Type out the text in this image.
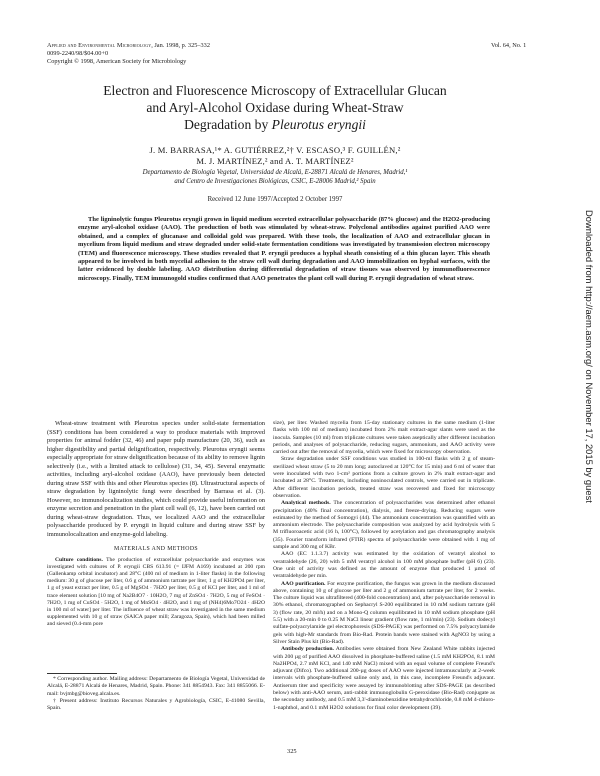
Applied and Environmental Microbiology, Jan. 1998, p. 325–332
0099-2240/98/$04.00+0
Copyright © 1998, American Society for Microbiology
Vol. 64, No. 1
Electron and Fluorescence Microscopy of Extracellular Glucan
and Aryl-Alcohol Oxidase during Wheat-Straw
Degradation by Pleurotus eryngii
J. M. BARRASA,¹* A. GUTIÉRREZ,²† V. ESCASO,³ F. GUILLÉN,²
M. J. MARTÍNEZ,² and A. T. MARTÍNEZ²
Departamento de Biología Vegetal, Universidad de Alcalá, E-28871 Alcalá de Henares, Madrid,¹
and Centro de Investigaciones Biológicas, CSIC, E-28006 Madrid,² Spain
Received 12 June 1997/Accepted 2 October 1997
The ligninolytic fungus Pleurotus eryngii grown in liquid medium secreted extracellular polysaccharide (87% glucose) and the H2O2-producing enzyme aryl-alcohol oxidase (AAO). The production of both was stimulated by wheat-straw. Polyclonal antibodies against purified AAO were obtained, and a complex of glucanase and colloidal gold was prepared. With these tools, the localization of AAO and extracellular glucan in mycelium from liquid medium and straw degraded under solid-state fermentation conditions was investigated by transmission electron microscopy (TEM) and fluorescence microscopy. These studies revealed that P. eryngii produces a hyphal sheath consisting of a thin glucan layer. This sheath appeared to be involved in both mycelial adhesion to the straw cell wall during degradation and AAO immobilization on hyphal surfaces, with the latter evidenced by double labeling. AAO distribution during differential degradation of straw tissues was observed by immunofluorescence microscopy. Finally, TEM immunogold studies confirmed that AAO penetrates the plant cell wall during P. eryngii degradation of wheat straw.

Wheat-straw treatment with Pleurotus species under solid-state fermentation (SSF) conditions has been considered a way to produce materials with improved properties for animal fodder (32, 46) and paper pulp manufacture (20, 36), such as higher digestibility and partial delignification, respectively. Pleurotus eryngii seems especially appropriate for straw delignification because of its ability to remove lignin selectively (i.e., with a limited attack to cellulose) (31, 34, 45). Several enzymatic activities, including aryl-alcohol oxidase (AAO), have previously been detected during straw SSF with this and other Pleurotus species (8). Ultrastructural aspects of straw degradation by ligninolytic fungi were described by Barrasa et al. (3). However, no immunolocalization studies, which could provide useful information on enzyme secretion and penetration in the plant cell wall (6, 12), have been carried out during wheat-straw degradation. Thus, we localized AAO and the extracellular polysaccharide produced by P. eryngii in liquid culture and during straw SSF by immunolocalization and enzyme-gold labeling.

MATERIALS AND METHODS

Culture conditions. The production of extracellular polysaccharide and enzymes was investigated with cultures of P. eryngii CBS 613.91 (= IJFM A169) incubated at 200 rpm (Gallenkamp orbital incubator) and 28°C (400 ml of medium in 1-liter flasks) in the following medium: 30 g of glucose per liter, 0.6 g of ammonium tartrate per liter, 1 g of KH2PO4 per liter, 1 g of yeast extract per liter, 0.5 g of MgSO4 · 7H2O per liter, 0.5 g of KCl per liter, and 1 ml of trace element solution [10 mg of Na2B4O7 · 10H2O, 7 mg of ZnSO4 · 7H2O, 5 mg of FeSO4 · 7H2O, 1 mg of CuSO4 · 5H2O, 1 mg of MnSO4 · 4H2O, and 1 mg of (NH4)6Mo7O24 · 4H2O in 100 ml of water] per liter. The influence of wheat straw was investigated in the same medium supplemented with 10 g of straw (SAICA paper mill; Zaragoza, Spain), which had been milled and sieved (0.4-mm pore

* Corresponding author. Mailing address: Departamento de Biología Vegetal, Universidad de Alcalá, E-28871 Alcalá de Henares, Madrid, Spain. Phone: 341 8854943. Fax: 341 8855066. E-mail: bvjmbg@bioveg.alcala.es.

† Present address: Instituto Recursos Naturales y Agrobiología, CSIC, E-41080 Sevilla, Spain.

size), per liter. Washed mycelia from 15-day stationary cultures in the same medium (1-liter flasks with 100 ml of medium) incubated from 2% malt extract-agar slants were used as the inocula. Samples (10 ml) from triplicate cultures were taken aseptically after different incubation periods, and analyses of polysaccharide, reducing sugars, ammonium, and AAO activity were carried out after the removal of mycelia, which were fixed for microscopy observation.

Straw degradation under SSF conditions was studied in 100-ml flasks with 2 g of steam-sterilized wheat straw (5 to 20 mm long; autoclaved at 120°C for 15 min) and 6 ml of water that were inoculated with two 1-cm² portions from a culture grown in 2% malt extract-agar and incubated at 28°C. Treatments, including noninoculated controls, were carried out in triplicate. After different incubation periods, treated straw was recovered and fixed for microscopy observation.

Analytical methods. The concentration of polysaccharides was determined after ethanol precipitation (40% final concentration), dialysis, and freeze-drying. Reducing sugars were estimated by the method of Somogyi (44). The ammonium concentration was quantified with an ammonium electrode. The polysaccharide composition was analyzed by acid hydrolysis with 5 M trifluoroacetic acid (16 h, 100°C), followed by acetylation and gas chromatography analysis (35). Fourier transform infrared (FTIR) spectra of polysaccharide were obtained with 1 mg of sample and 300 mg of KBr.

AAO (EC 1.1.3.7) activity was estimated by the oxidation of veratryl alcohol to veratraldehyde (26, 20) with 5 mM veratryl alcohol in 100 mM phosphate buffer (pH 6) (23). One unit of activity was defined as the amount of enzyme that produced 1 µmol of veratraldehyde per min.

AAO purification. For enzyme purification, the fungus was grown in the medium discussed above, containing 10 g of glucose per liter and 2 g of ammonium tartrate per liter, for 2 weeks. The culture liquid was ultrafiltered (400-fold concentration) and, after polysaccharide removal in 30% ethanol, chromatographed on Sephacryl S-200 equilibrated in 10 mM sodium tartrate (pH 3) (flow rate, 20 ml/h) and on a Mono-Q column equilibrated in 10 mM sodium phosphate (pH 5.5) with a 20-min 0 to 0.25 M NaCl linear gradient (flow rate, 1 ml/min) (23). Sodium dodecyl sulfate-polyacrylamide gel electrophoresis (SDS-PAGE) was performed on 7.5% polyacrylamide gels with high-Mr standards from Bio-Rad. Protein bands were stained with AgNO3 by using a Silver Stain Plus kit (Bio-Rad).

Antibody production. Antibodies were obtained from New Zealand White rabbits injected with 200 µg of purified AAO dissolved in phosphate-buffered saline (1.5 mM KH2PO4, 8.1 mM Na2HPO4, 2.7 mM KCl, and 140 mM NaCl) mixed with an equal volume of complete Freund's adjuvant (Difco). Two additional 200-µg doses of AAO were injected intramuscularly at 2-week intervals with phosphate-buffered saline only and, in this case, incomplete Freund's adjuvant. Antiserum titer and specificity were assayed by immunoblotting after SDS-PAGE (as described below) with anti-AAO serum, anti-rabbit immunoglobulin G-peroxidase (Bio-Rad) conjugate as the secondary antibody, and 0.5 mM 3,3'-diaminobenzidine tetrahydrochloride, 0.8 mM 4-chloro-1-naphthol, and 0.1 mM H2O2 solutions for final color development (39).

325
Downloaded from http://aem.asm.org/ on November 17, 2015 by guest
